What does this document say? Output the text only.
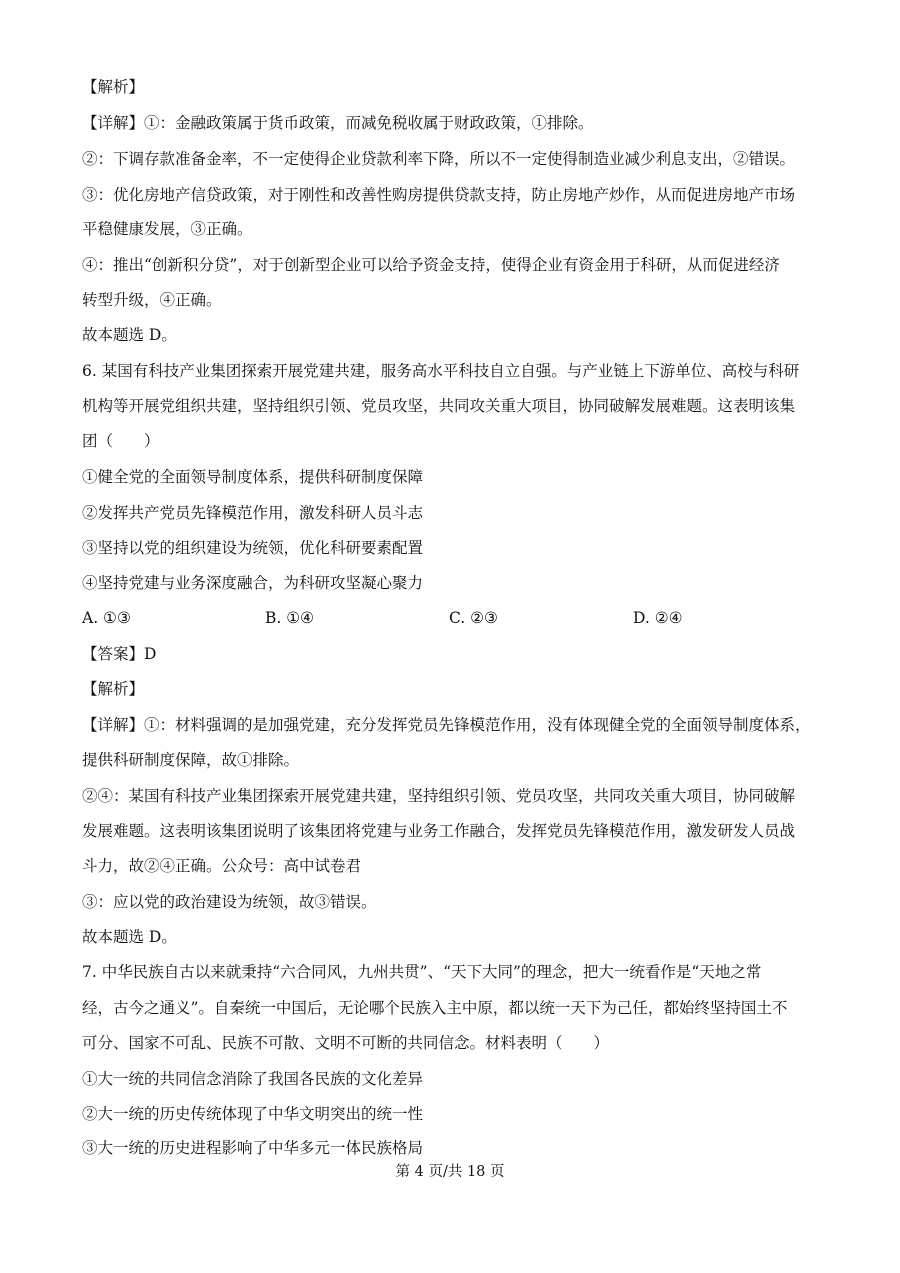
【解析】
【详解】①：金融政策属于货币政策，而减免税收属于财政政策，①排除。
②：下调存款准备金率，不一定使得企业贷款利率下降，所以不一定使得制造业减少利息支出，②错误。
③：优化房地产信贷政策，对于刚性和改善性购房提供贷款支持，防止房地产炒作，从而促进房地产市场
平稳健康发展，③正确。
④：推出“创新积分贷”，对于创新型企业可以给予资金支持，使得企业有资金用于科研，从而促进经济
转型升级，④正确。
故本题选 D。
6. 某国有科技产业集团探索开展党建共建，服务高水平科技自立自强。与产业链上下游单位、高校与科研
机构等开展党组织共建，坚持组织引领、党员攻坚，共同攻关重大项目，协同破解发展难题。这表明该集
团（　　）
①健全党的全面领导制度体系，提供科研制度保障
②发挥共产党员先锋模范作用，激发科研人员斗志
③坚持以党的组织建设为统领，优化科研要素配置
④坚持党建与业务深度融合，为科研攻坚凝心聚力
A. ①③	B. ①④	C. ②③	D. ②④
【答案】D
【解析】
【详解】①：材料强调的是加强党建，充分发挥党员先锋模范作用，没有体现健全党的全面领导制度体系，
提供科研制度保障，故①排除。
②④：某国有科技产业集团探索开展党建共建，坚持组织引领、党员攻坚，共同攻关重大项目，协同破解
发展难题。这表明该集团说明了该集团将党建与业务工作融合，发挥党员先锋模范作用，激发研发人员战
斗力，故②④正确。公众号：高中试卷君
③：应以党的政治建设为统领，故③错误。
故本题选 D。
7. 中华民族自古以来就秉持“六合同风，九州共贯”、“天下大同”的理念，把大一统看作是“天地之常
经，古今之通义”。自秦统一中国后，无论哪个民族入主中原，都以统一天下为己任，都始终坚持国土不
可分、国家不可乱、民族不可散、文明不可断的共同信念。材料表明（　　）
①大一统的共同信念消除了我国各民族的文化差异
②大一统的历史传统体现了中华文明突出的统一性
③大一统的历史进程影响了中华多元一体民族格局
第 4 页/共 18 页
